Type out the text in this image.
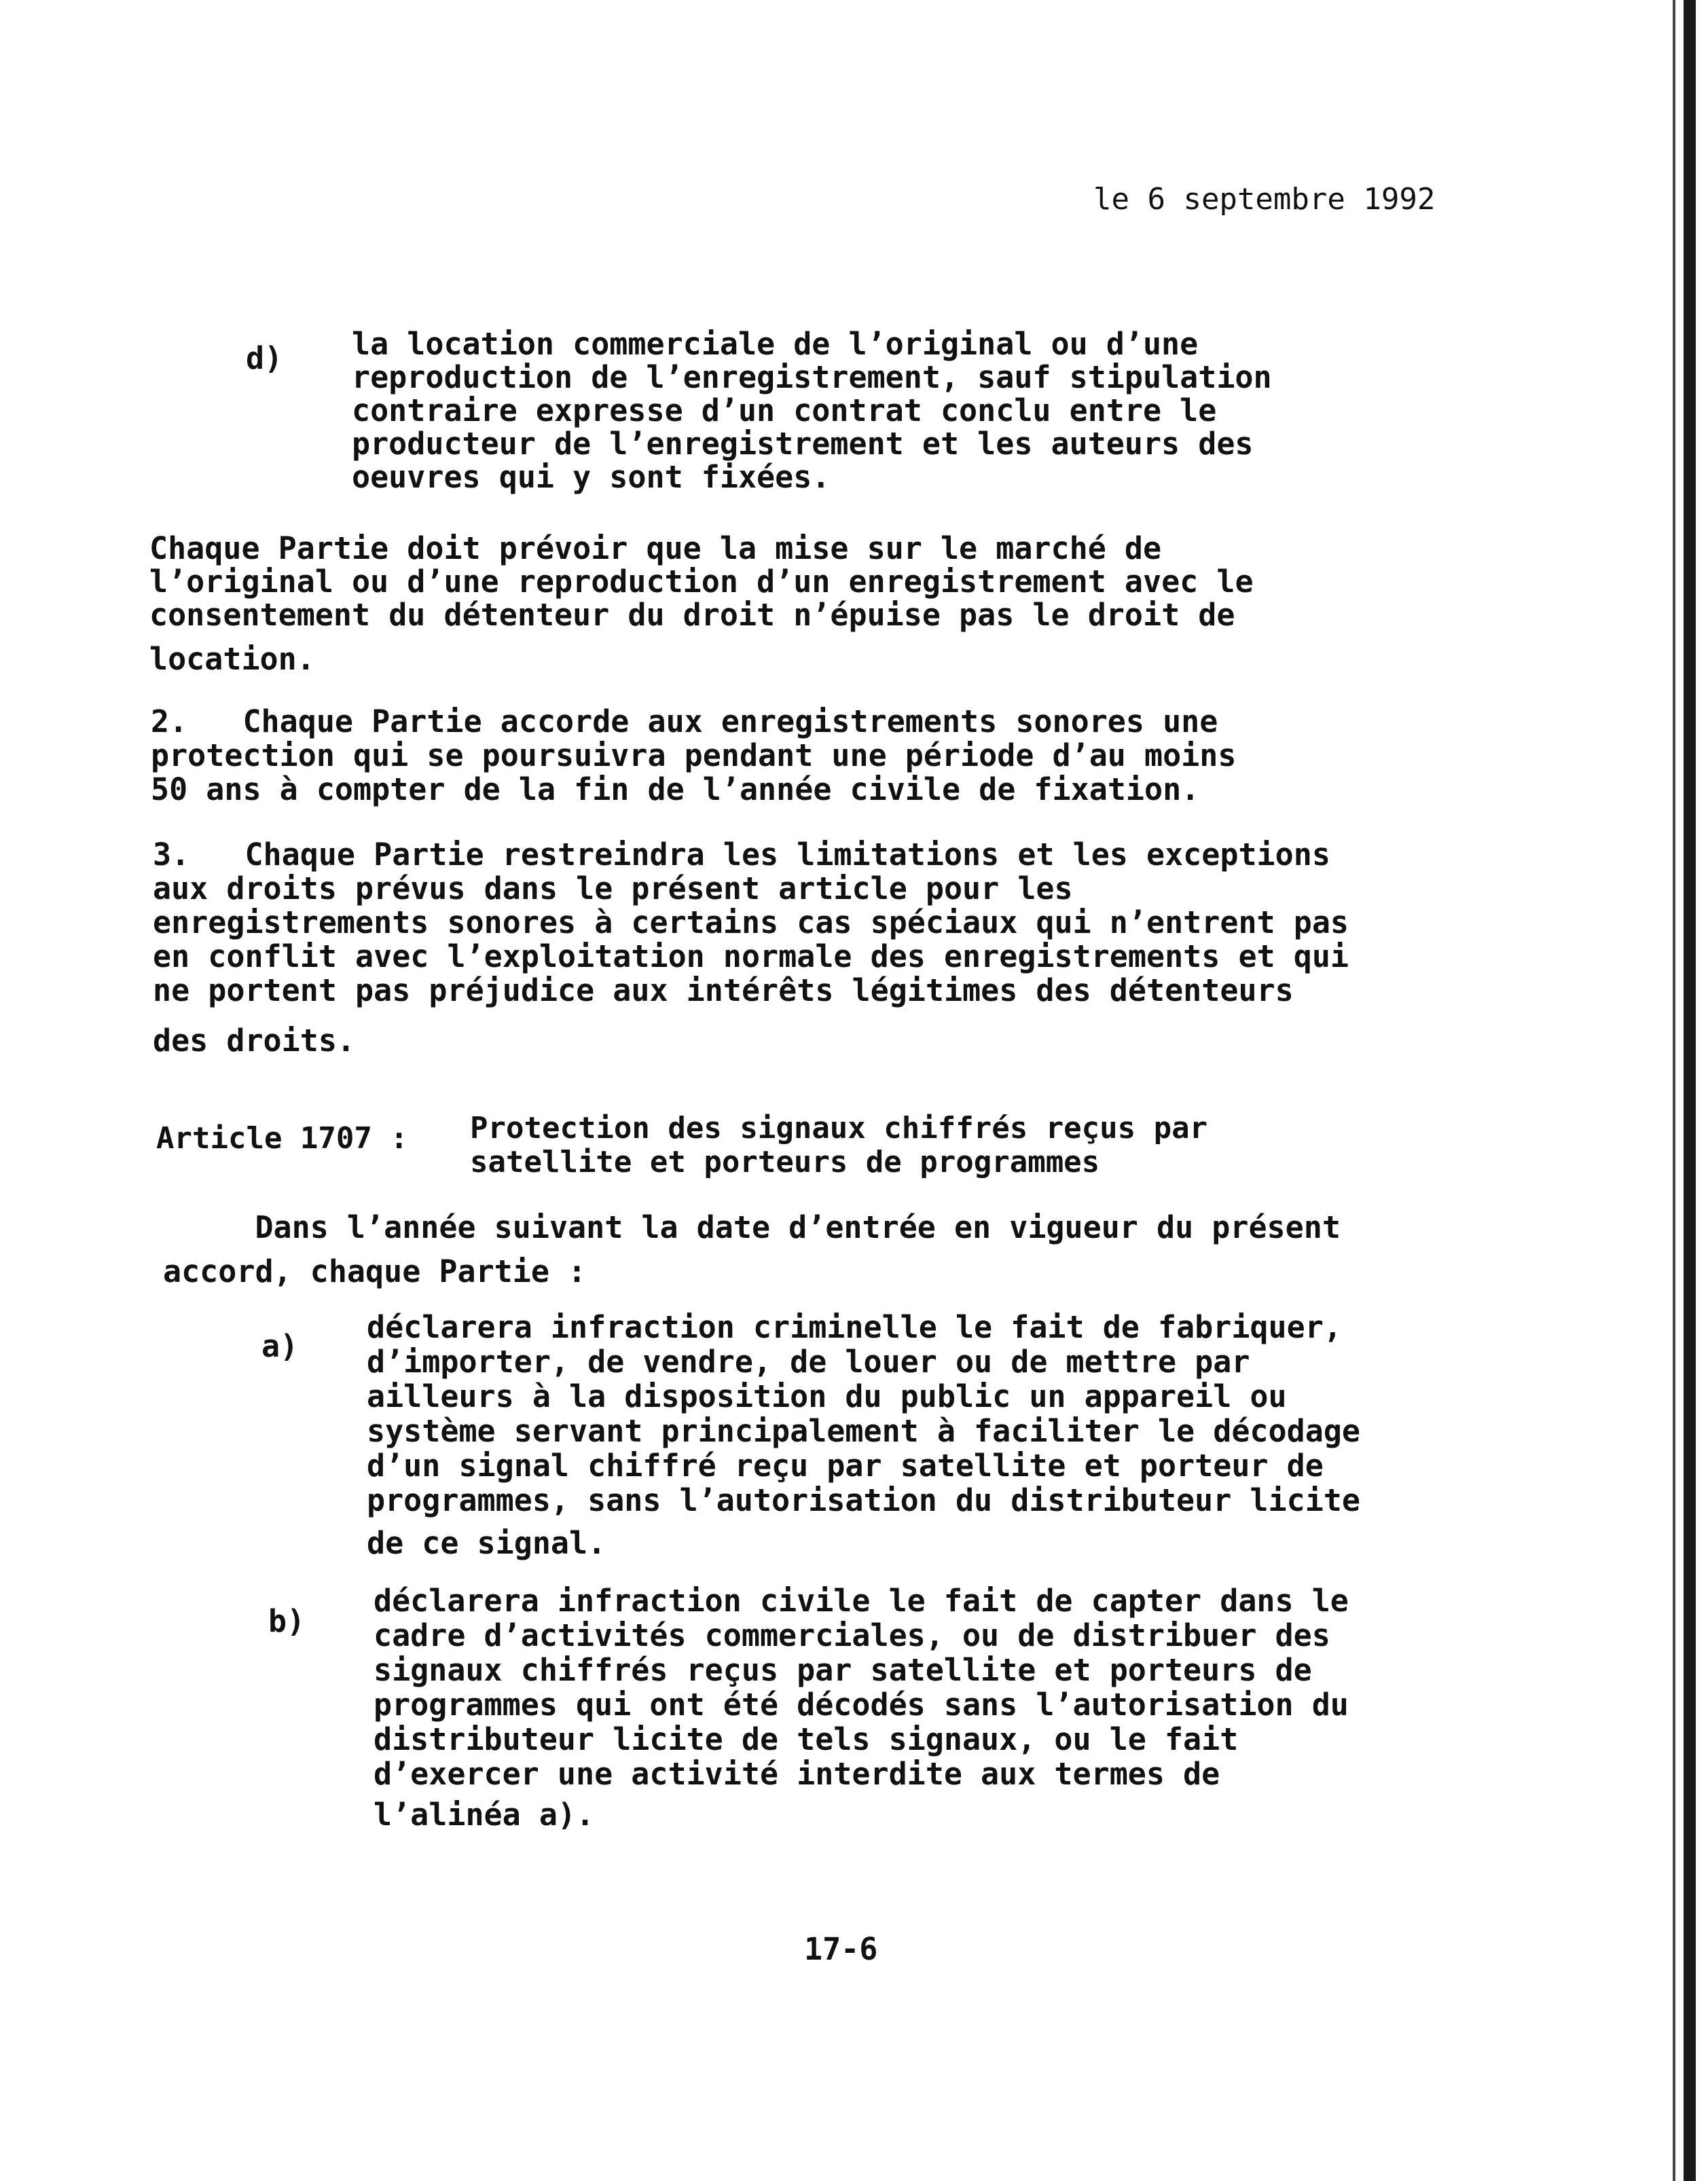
le 6 septembre 1992
d) la location commerciale de l’original ou d’une
reproduction de l’enregistrement, sauf stipulation
contraire expresse d’un contrat conclu entre le
producteur de l’enregistrement et les auteurs des
oeuvres qui y sont fixées.
Chaque Partie doit prévoir que la mise sur le marché de
l’original ou d’une reproduction d’un enregistrement avec le
consentement du détenteur du droit n’épuise pas le droit de
location.
2.   Chaque Partie accorde aux enregistrements sonores une
protection qui se poursuivra pendant une période d’au moins
50 ans à compter de la fin de l’année civile de fixation.
3.   Chaque Partie restreindra les limitations et les exceptions
aux droits prévus dans le présent article pour les
enregistrements sonores à certains cas spéciaux qui n’entrent pas
en conflit avec l’exploitation normale des enregistrements et qui
ne portent pas préjudice aux intérêts légitimes des détenteurs
des droits.
Article 1707 : Protection des signaux chiffrés reçus par
satellite et porteurs de programmes
Dans l’année suivant la date d’entrée en vigueur du présent
accord, chaque Partie :
a)
déclarera infraction criminelle le fait de fabriquer,
d’importer, de vendre, de louer ou de mettre par
ailleurs à la disposition du public un appareil ou
système servant principalement à faciliter le décodage
d’un signal chiffré reçu par satellite et porteur de
programmes, sans l’autorisation du distributeur licite
de ce signal.
b)
déclarera infraction civile le fait de capter dans le
cadre d’activités commerciales, ou de distribuer des
signaux chiffrés reçus par satellite et porteurs de
programmes qui ont été décodés sans l’autorisation du
distributeur licite de tels signaux, ou le fait
d’exercer une activité interdite aux termes de
l’alinéa a).
17-6
